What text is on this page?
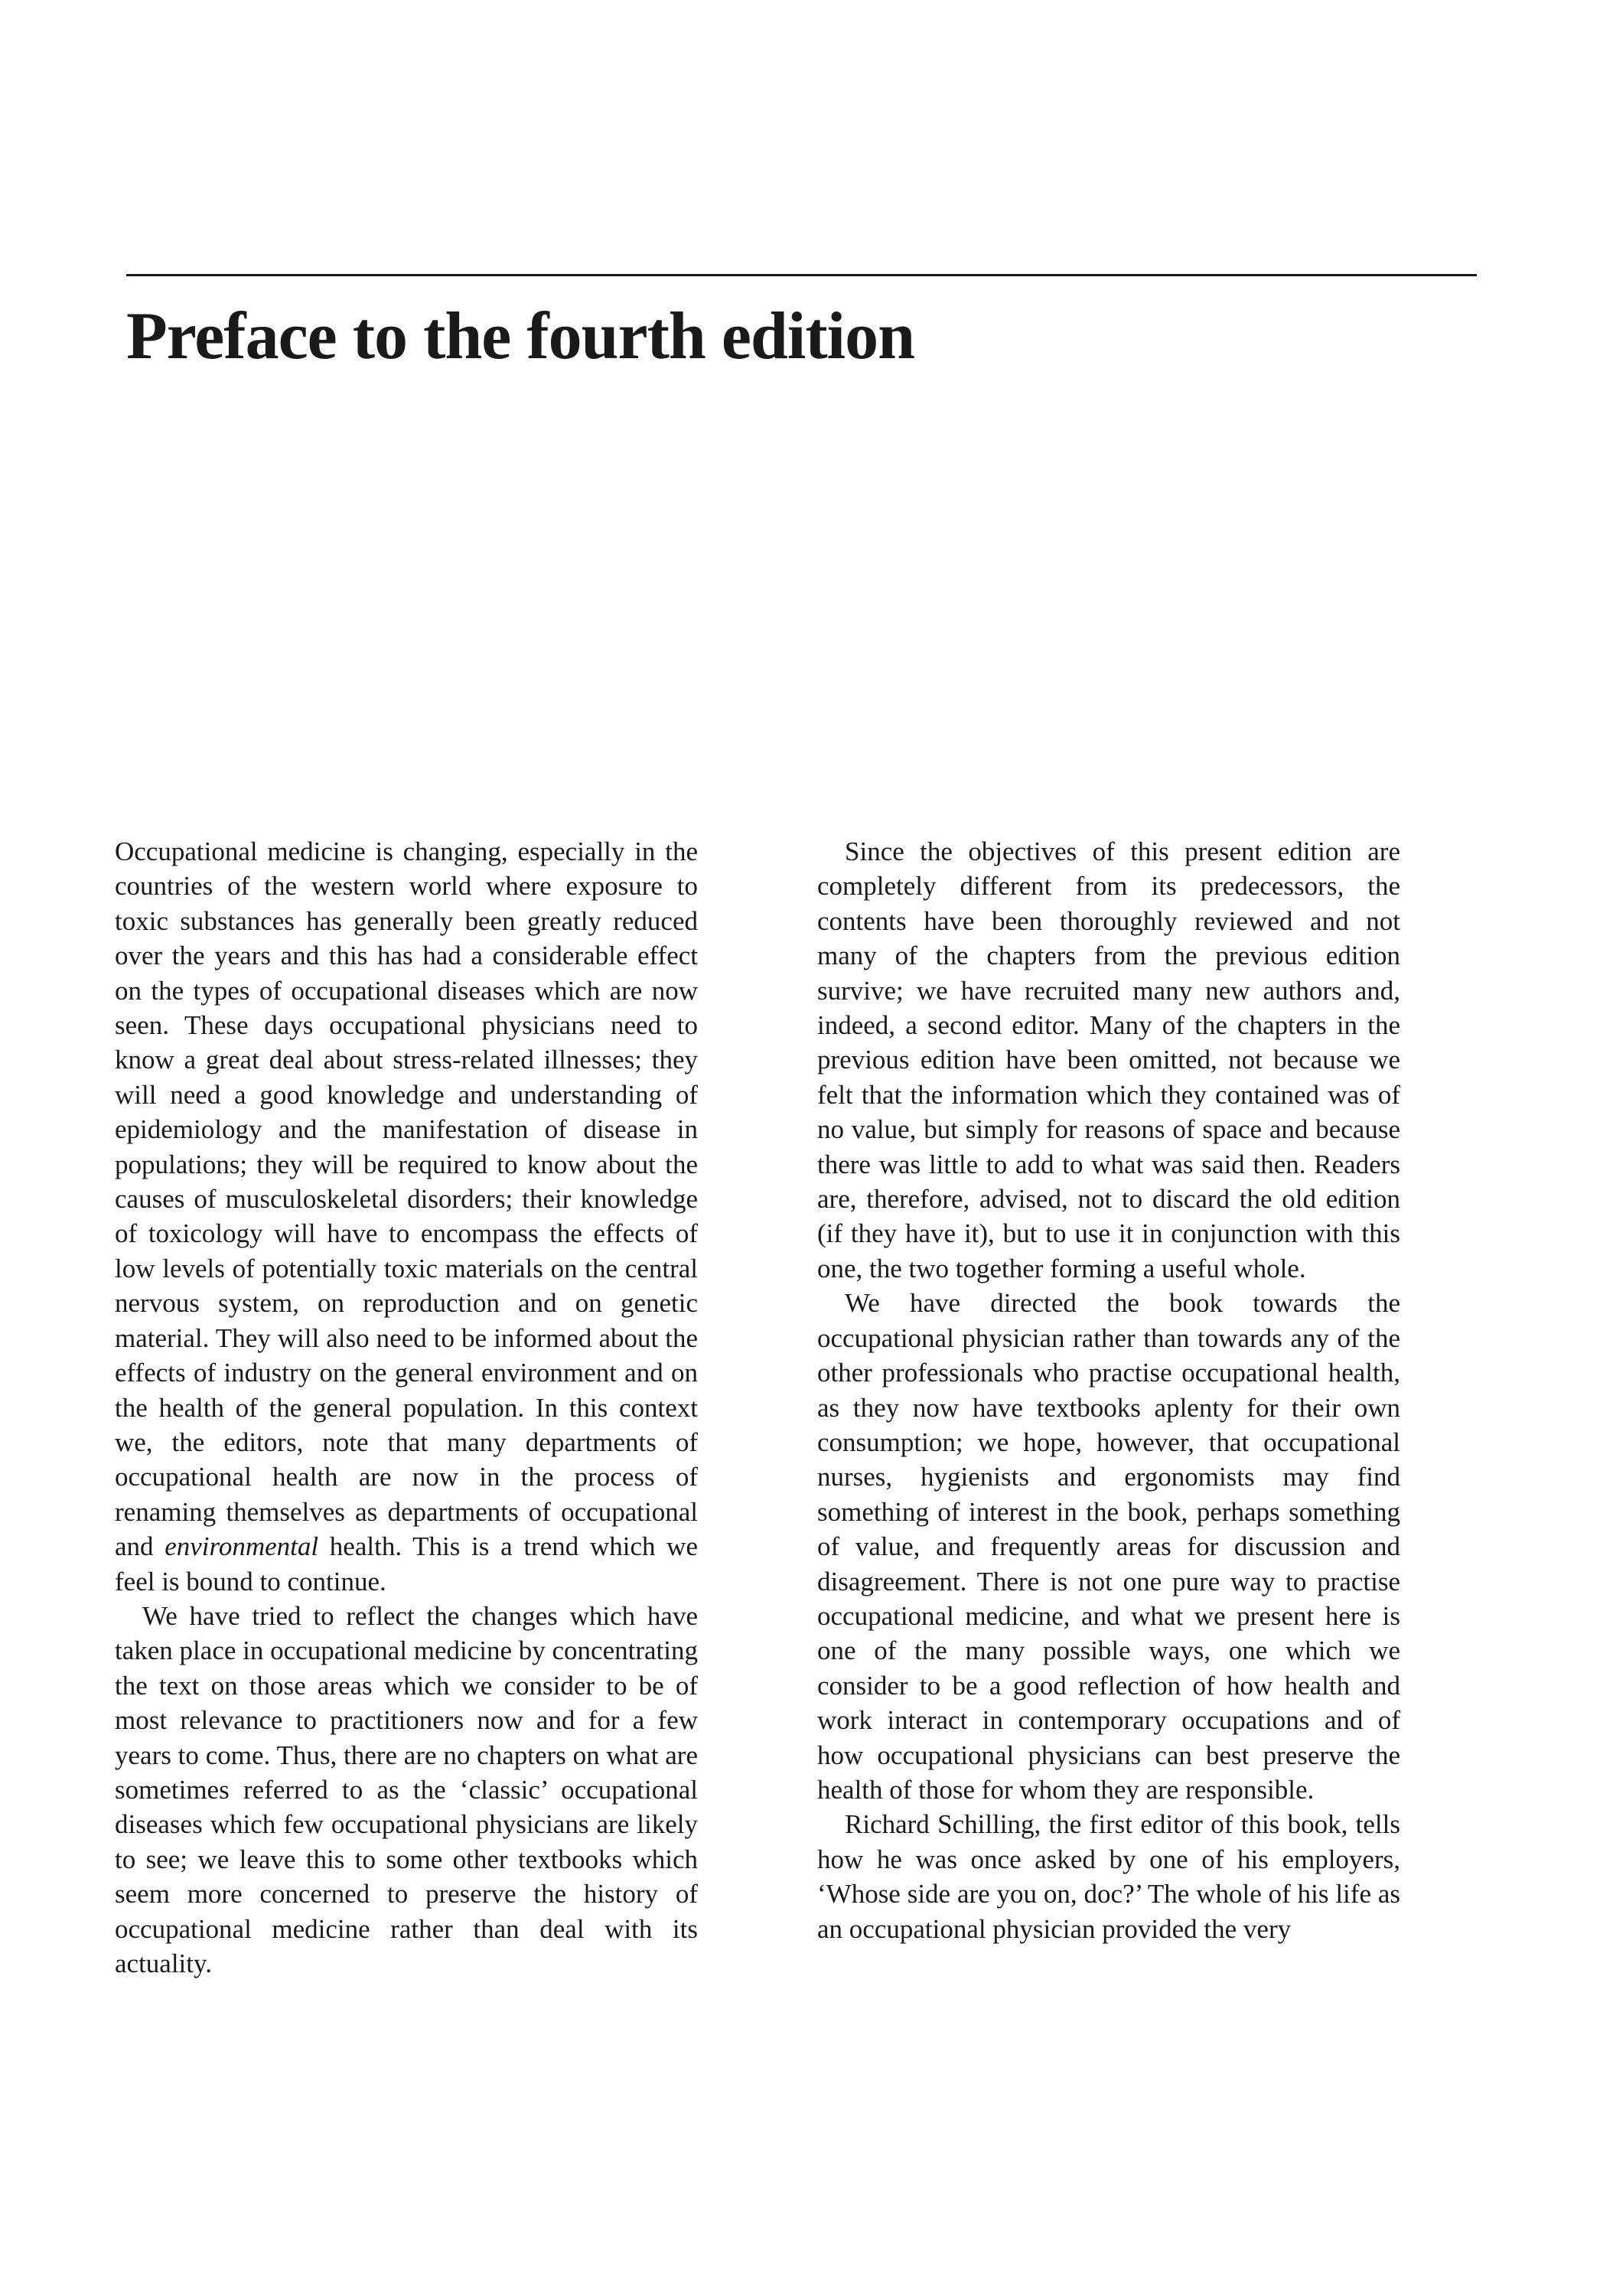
Preface to the fourth edition

Occupational medicine is changing, especially in the countries of the western world where exposure to toxic substances has generally been greatly reduced over the years and this has had a considerable effect on the types of occupational diseases which are now seen. These days occupational physicians need to know a great deal about stress-related illnesses; they will need a good knowledge and understanding of epidemiology and the manifestation of disease in populations; they will be required to know about the causes of musculoskeletal disorders; their knowledge of toxicology will have to encompass the effects of low levels of potentially toxic materials on the central nervous system, on reproduction and on genetic material. They will also need to be informed about the effects of industry on the general environment and on the health of the general population. In this context we, the editors, note that many departments of occupational health are now in the process of renaming themselves as departments of occupational and environmental health. This is a trend which we feel is bound to continue.

We have tried to reflect the changes which have taken place in occupational medicine by concentrating the text on those areas which we consider to be of most relevance to practitioners now and for a few years to come. Thus, there are no chapters on what are sometimes referred to as the ‘classic’ occupational diseases which few occupational physicians are likely to see; we leave this to some other textbooks which seem more concerned to preserve the history of occupational medicine rather than deal with its actuality.

Since the objectives of this present edition are completely different from its predecessors, the contents have been thoroughly reviewed and not many of the chapters from the previous edition survive; we have recruited many new authors and, indeed, a second editor. Many of the chapters in the previous edition have been omitted, not because we felt that the information which they contained was of no value, but simply for reasons of space and because there was little to add to what was said then. Readers are, therefore, advised, not to discard the old edition (if they have it), but to use it in conjunction with this one, the two together forming a useful whole.

We have directed the book towards the occupational physician rather than towards any of the other professionals who practise occupational health, as they now have textbooks aplenty for their own consumption; we hope, however, that occupational nurses, hygienists and ergonomists may find something of interest in the book, perhaps something of value, and frequently areas for discussion and disagreement. There is not one pure way to practise occupational medicine, and what we present here is one of the many possible ways, one which we consider to be a good reflection of how health and work interact in contemporary occupations and of how occupational physicians can best preserve the health of those for whom they are responsible.

Richard Schilling, the first editor of this book, tells how he was once asked by one of his employers, ‘Whose side are you on, doc?’ The whole of his life as an occupational physician provided the very
